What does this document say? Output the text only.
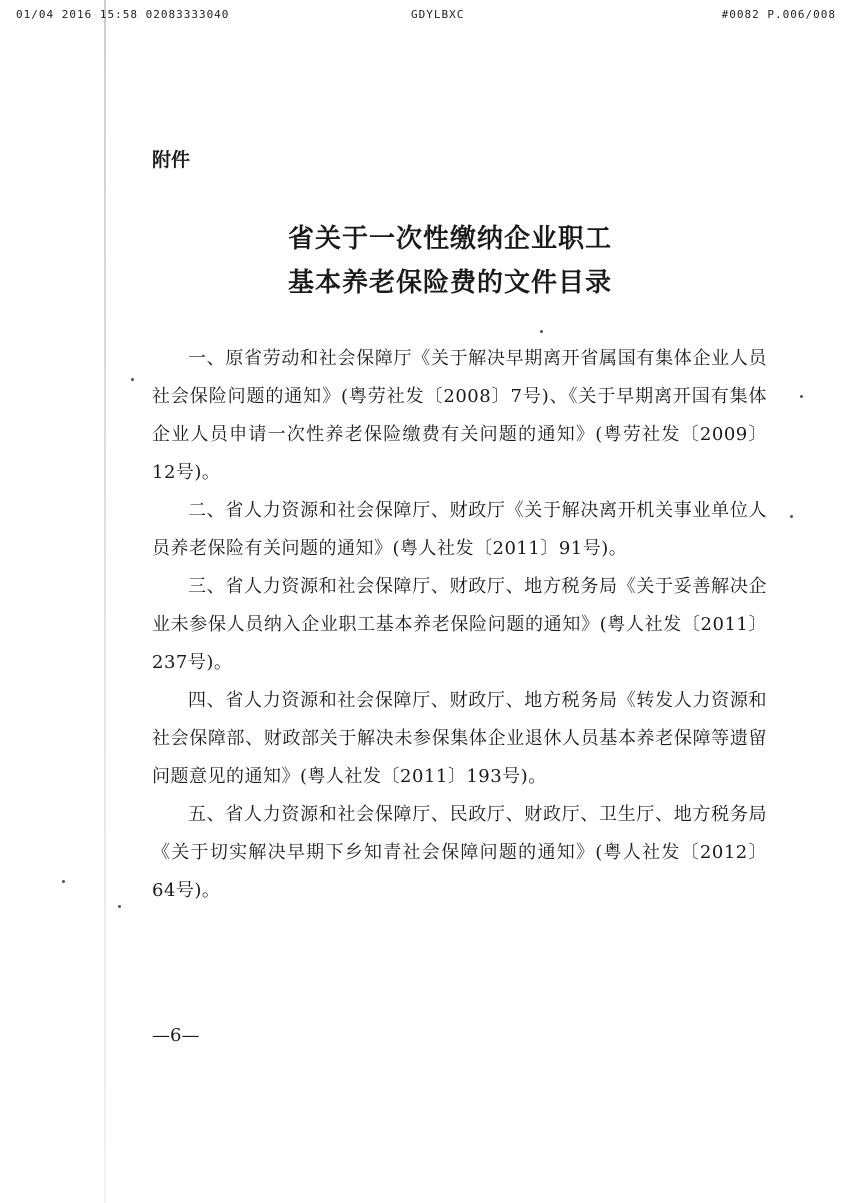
01/04 2016 15:58 02083333040	GDYLBXC	#0082 P.006/008
附件
省关于一次性缴纳企业职工
基本养老保险费的文件目录

一、原省劳动和社会保障厅《关于解决早期离开省属国有集体企业人员社会保险问题的通知》(粤劳社发〔2008〕7号)、《关于早期离开国有集体企业人员申请一次性养老保险缴费有关问题的通知》(粤劳社发〔2009〕12号)。

二、省人力资源和社会保障厅、财政厅《关于解决离开机关事业单位人员养老保险有关问题的通知》(粤人社发〔2011〕91号)。

三、省人力资源和社会保障厅、财政厅、地方税务局《关于妥善解决企业未参保人员纳入企业职工基本养老保险问题的通知》(粤人社发〔2011〕237号)。

四、省人力资源和社会保障厅、财政厅、地方税务局《转发人力资源和社会保障部、财政部关于解决未参保集体企业退休人员基本养老保障等遗留问题意见的通知》(粤人社发〔2011〕193号)。

五、省人力资源和社会保障厅、民政厅、财政厅、卫生厅、地方税务局《关于切实解决早期下乡知青社会保障问题的通知》(粤人社发〔2012〕64号)。

—6—
